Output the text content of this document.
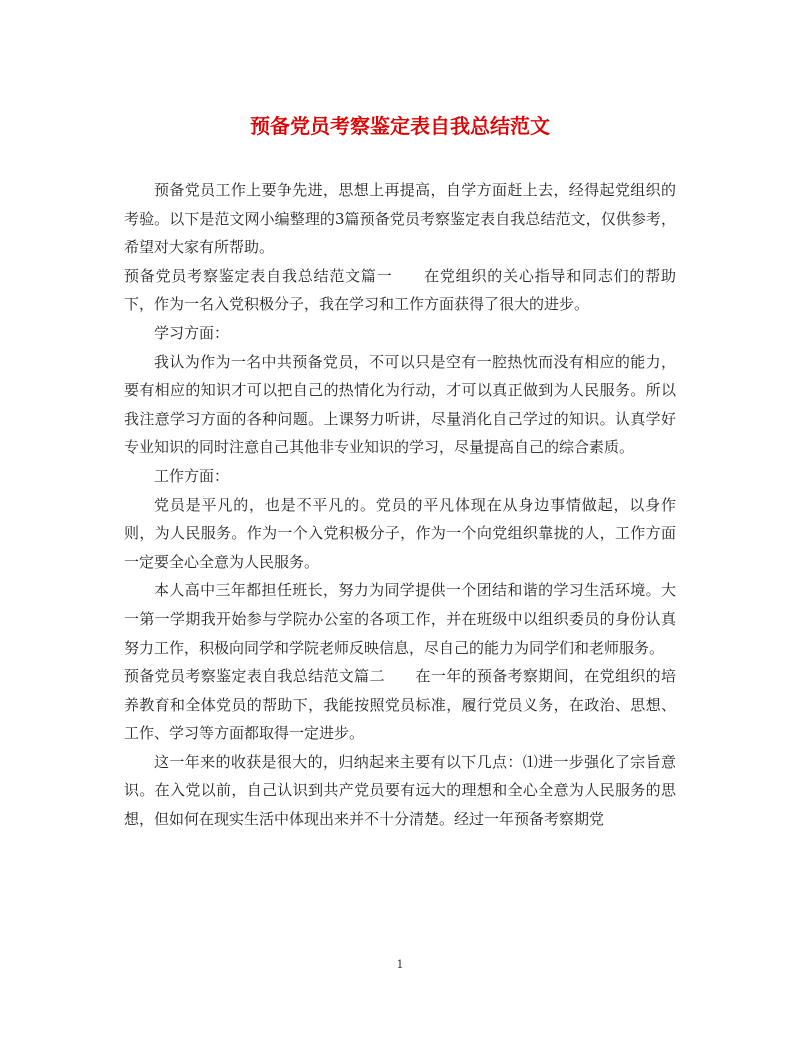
预备党员考察鉴定表自我总结范文

预备党员工作上要争先进，思想上再提高，自学方面赶上去，经得起党组织的考验。以下是范文网小编整理的3篇预备党员考察鉴定表自我总结范文，仅供参考，希望对大家有所帮助。

预备党员考察鉴定表自我总结范文篇一　　在党组织的关心指导和同志们的帮助下，作为一名入党积极分子，我在学习和工作方面获得了很大的进步。

学习方面：

我认为作为一名中共预备党员，不可以只是空有一腔热忱而没有相应的能力，要有相应的知识才可以把自己的热情化为行动，才可以真正做到为人民服务。所以我注意学习方面的各种问题。上课努力听讲，尽量消化自己学过的知识。认真学好专业知识的同时注意自己其他非专业知识的学习，尽量提高自己的综合素质。

工作方面：

党员是平凡的，也是不平凡的。党员的平凡体现在从身边事情做起，以身作则，为人民服务。作为一个入党积极分子，作为一个向党组织靠拢的人，工作方面一定要全心全意为人民服务。

本人高中三年都担任班长，努力为同学提供一个团结和谐的学习生活环境。大一第一学期我开始参与学院办公室的各项工作，并在班级中以组织委员的身份认真努力工作，积极向同学和学院老师反映信息，尽自己的能力为同学们和老师服务。

预备党员考察鉴定表自我总结范文篇二　　在一年的预备考察期间，在党组织的培养教育和全体党员的帮助下，我能按照党员标准，履行党员义务，在政治、思想、工作、学习等方面都取得一定进步。

这一年来的收获是很大的，归纳起来主要有以下几点：⑴进一步强化了宗旨意识。在入党以前，自己认识到共产党员要有远大的理想和全心全意为人民服务的思想，但如何在现实生活中体现出来并不十分清楚。经过一年预备考察期党

1
